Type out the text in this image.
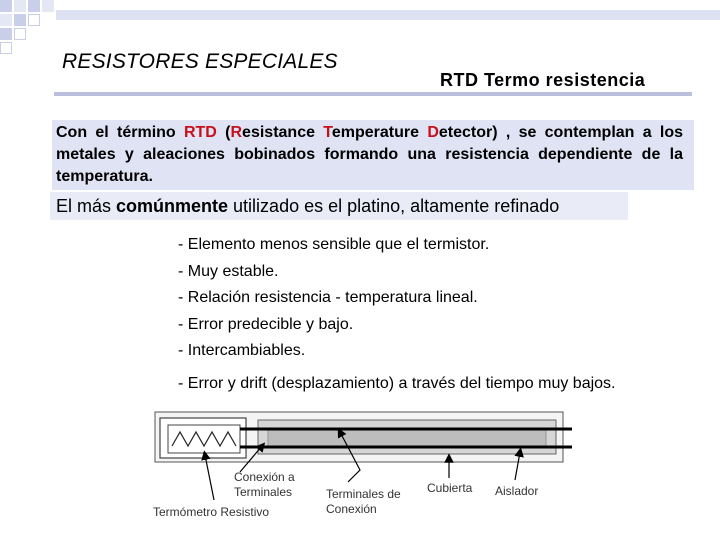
RESISTORES ESPECIALES
RTD Termo resistencia
Con el término RTD (Resistance Temperature Detector) , se contemplan a los metales y aleaciones bobinados formando una resistencia dependiente de la temperatura.
El más comúnmente utilizado es el platino, altamente refinado
- Elemento menos sensible que el termistor.
- Muy estable.
- Relación resistencia - temperatura lineal.
- Error predecible y bajo.
- Intercambiables.
- Error y drift (desplazamiento) a través del tiempo muy bajos.
Conexión a Terminales
Termómetro Resistivo
Terminales de Conexión
Cubierta Aislador
